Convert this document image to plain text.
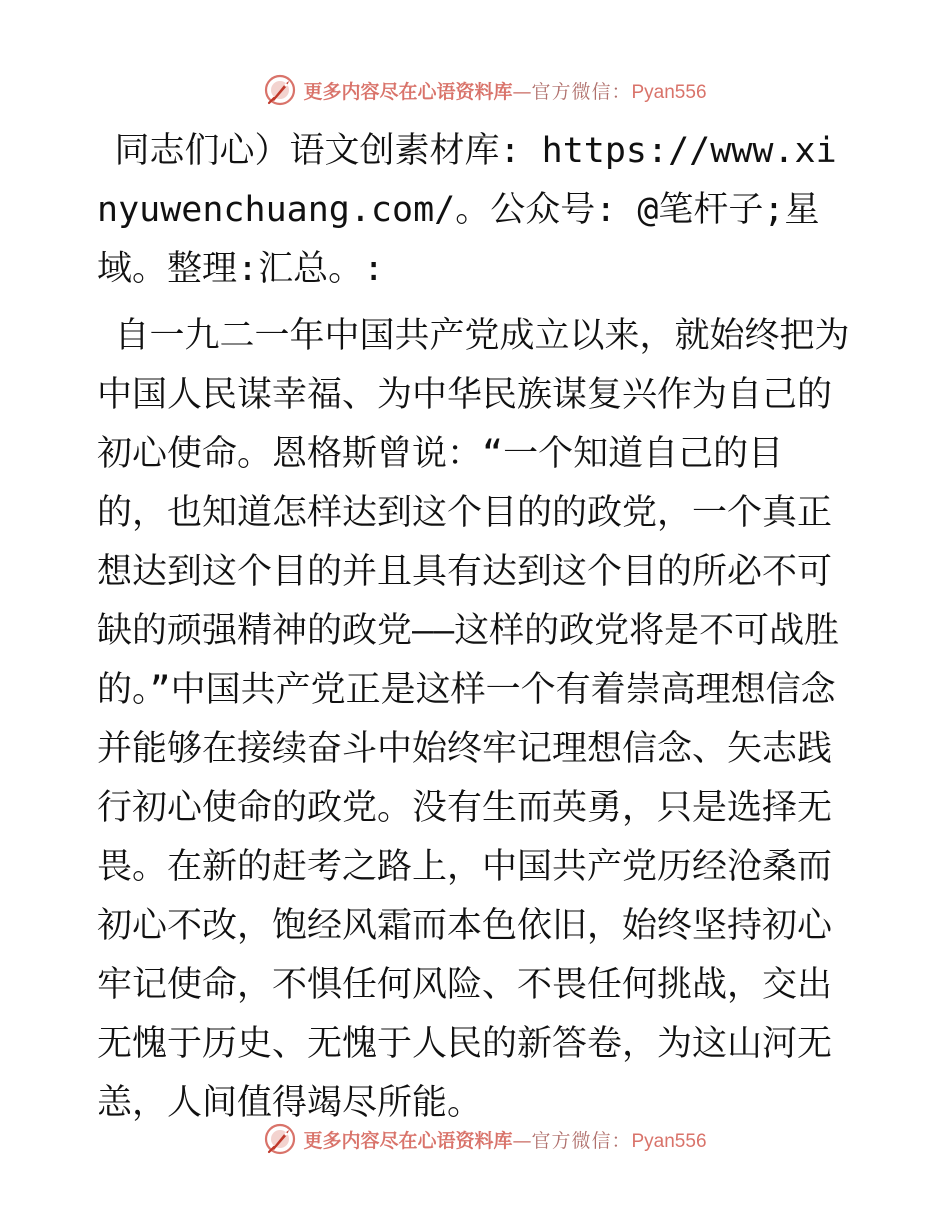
更多内容尽在心语资料库—官方微信：Pyan556

同志们心）语文创素材库: https://www.xinyuwenchuang.com/。公众号: @笔杆子;星域。整理:汇总。:

自一九二一年中国共产党成立以来，就始终把为中国人民谋幸福、为中华民族谋复兴作为自己的初心使命。恩格斯曾说：“一个知道自己的目的，也知道怎样达到这个目的的政党，一个真正想达到这个目的并且具有达到这个目的所必不可缺的顽强精神的政党——这样的政党将是不可战胜的。”中国共产党正是这样一个有着崇高理想信念并能够在接续奋斗中始终牢记理想信念、矢志践行初心使命的政党。没有生而英勇，只是选择无畏。在新的赶考之路上，中国共产党历经沧桑而初心不改，饱经风霜而本色依旧，始终坚持初心牢记使命，不惧任何风险、不畏任何挑战，交出无愧于历史、无愧于人民的新答卷，为这山河无恙，人间值得竭尽所能。

更多内容尽在心语资料库—官方微信：Pyan556
